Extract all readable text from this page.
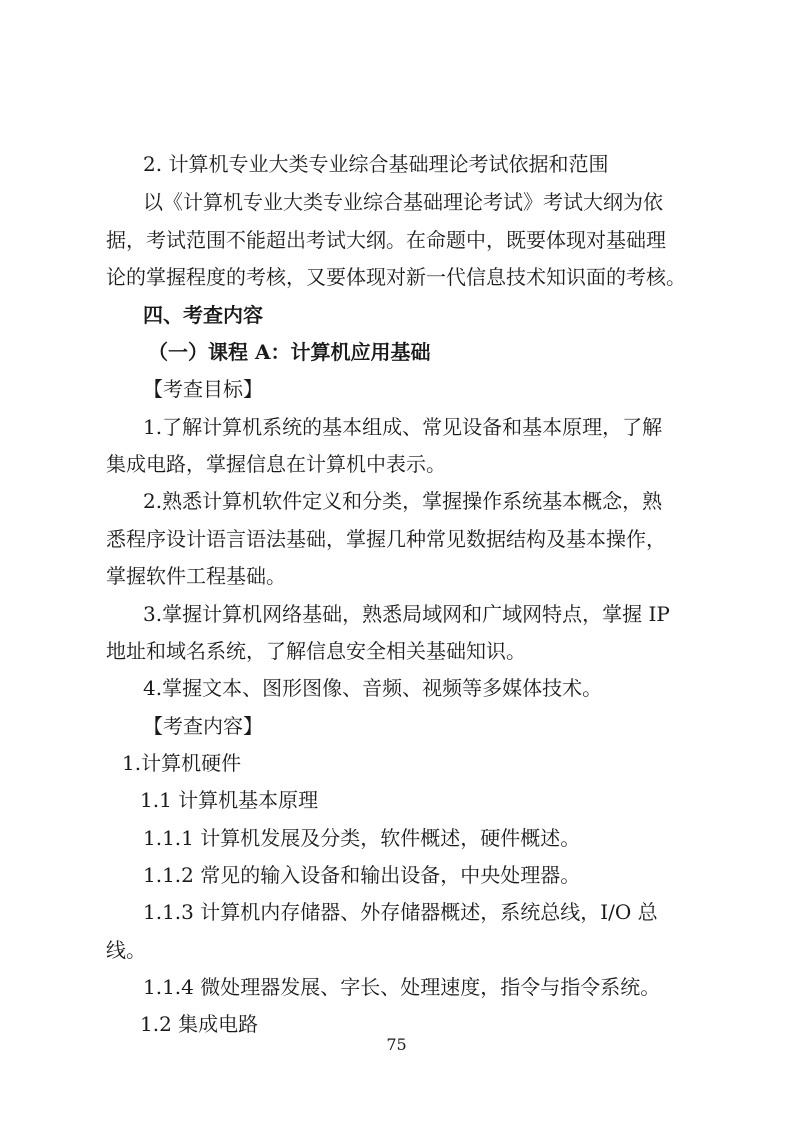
2. 计算机专业大类专业综合基础理论考试依据和范围
以《计算机专业大类专业综合基础理论考试》考试大纲为依
据，考试范围不能超出考试大纲。在命题中，既要体现对基础理
论的掌握程度的考核，又要体现对新一代信息技术知识面的考核。
四、考查内容
（一）课程 A：计算机应用基础
【考查目标】
1.了解计算机系统的基本组成、常见设备和基本原理，了解
集成电路，掌握信息在计算机中表示。
2.熟悉计算机软件定义和分类，掌握操作系统基本概念，熟
悉程序设计语言语法基础，掌握几种常见数据结构及基本操作，
掌握软件工程基础。
3.掌握计算机网络基础，熟悉局域网和广域网特点，掌握 IP
地址和域名系统，了解信息安全相关基础知识。
4.掌握文本、图形图像、音频、视频等多媒体技术。
【考查内容】
1.计算机硬件
1.1 计算机基本原理
1.1.1 计算机发展及分类，软件概述，硬件概述。
1.1.2 常见的输入设备和输出设备，中央处理器。
1.1.3 计算机内存储器、外存储器概述，系统总线，I/O 总
线。
1.1.4 微处理器发展、字长、处理速度，指令与指令系统。
1.2 集成电路
75
